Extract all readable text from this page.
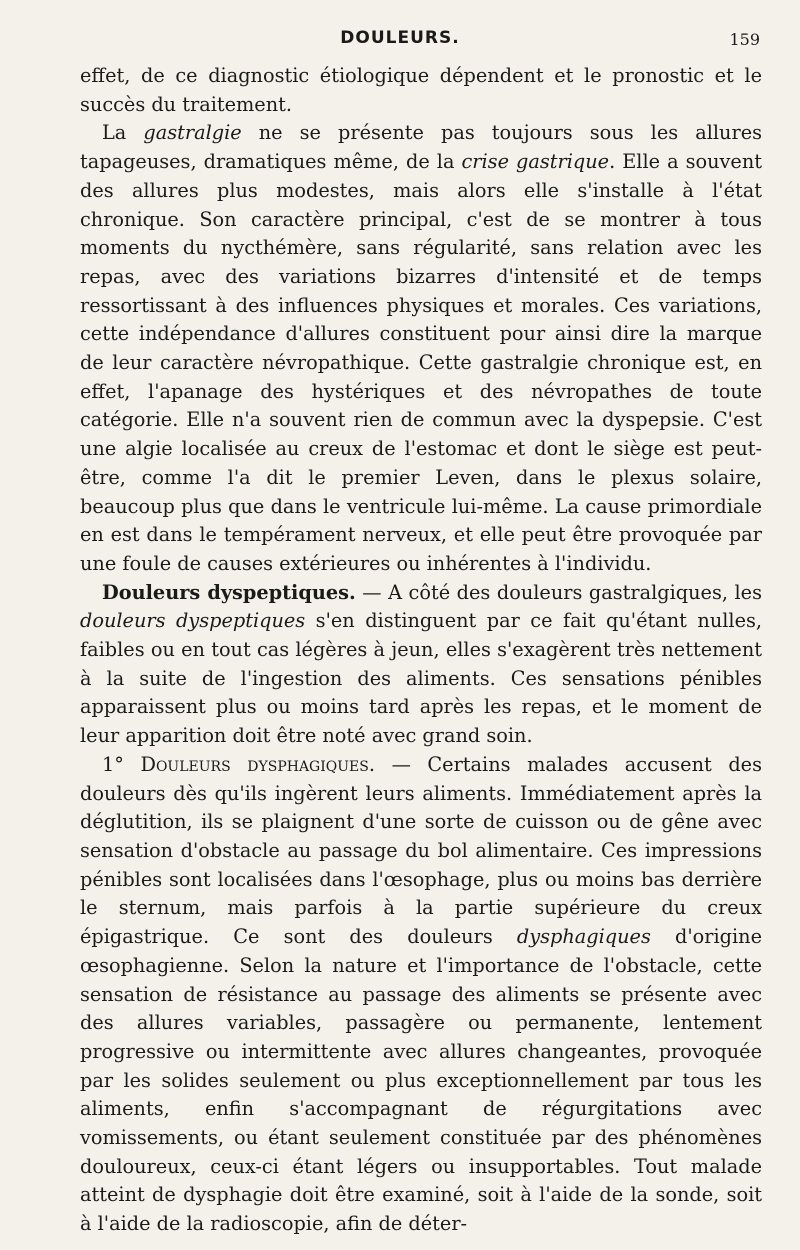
DOULEURS.	159

effet, de ce diagnostic étiologique dépendent et le pronostic et le succès du traitement.

La gastralgie ne se présente pas toujours sous les allures tapageuses, dramatiques même, de la crise gastrique. Elle a souvent des allures plus modestes, mais alors elle s'installe à l'état chronique. Son caractère principal, c'est de se montrer à tous moments du nycthémère, sans régularité, sans relation avec les repas, avec des variations bizarres d'intensité et de temps ressortissant à des influences physiques et morales. Ces variations, cette indépendance d'allures constituent pour ainsi dire la marque de leur caractère névropathique. Cette gastralgie chronique est, en effet, l'apanage des hystériques et des névropathes de toute catégorie. Elle n'a souvent rien de commun avec la dyspepsie. C'est une algie localisée au creux de l'estomac et dont le siège est peut-être, comme l'a dit le premier Leven, dans le plexus solaire, beaucoup plus que dans le ventricule lui-même. La cause primordiale en est dans le tempérament nerveux, et elle peut être provoquée par une foule de causes extérieures ou inhérentes à l'individu.

Douleurs dyspeptiques. — A côté des douleurs gastralgiques, les douleurs dyspeptiques s'en distinguent par ce fait qu'étant nulles, faibles ou en tout cas légères à jeun, elles s'exagèrent très nettement à la suite de l'ingestion des aliments. Ces sensations pénibles apparaissent plus ou moins tard après les repas, et le moment de leur apparition doit être noté avec grand soin.

1° Douleurs dysphagiques. — Certains malades accusent des douleurs dès qu'ils ingèrent leurs aliments. Immédiatement après la déglutition, ils se plaignent d'une sorte de cuisson ou de gêne avec sensation d'obstacle au passage du bol alimentaire. Ces impressions pénibles sont localisées dans l'œsophage, plus ou moins bas derrière le sternum, mais parfois à la partie supérieure du creux épigastrique. Ce sont des douleurs dysphagiques d'origine œsophagienne. Selon la nature et l'importance de l'obstacle, cette sensation de résistance au passage des aliments se présente avec des allures variables, passagère ou permanente, lentement progressive ou intermittente avec allures changeantes, provoquée par les solides seulement ou plus exceptionnellement par tous les aliments, enfin s'accompagnant de régurgitations avec vomissements, ou étant seulement constituée par des phénomènes douloureux, ceux-ci étant légers ou insupportables. Tout malade atteint de dysphagie doit être examiné, soit à l'aide de la sonde, soit à l'aide de la radioscopie, afin de déter-
